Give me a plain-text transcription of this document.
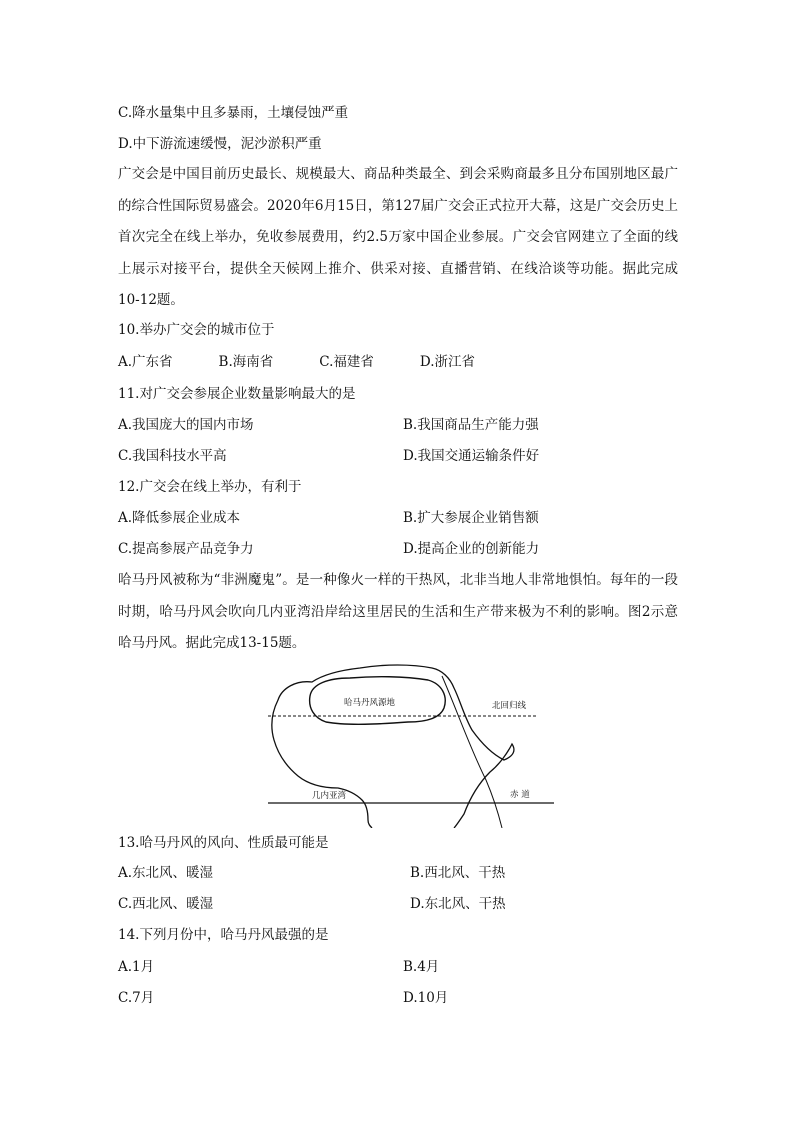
C.降水量集中且多暴雨，土壤侵蚀严重
D.中下游流速缓慢，泥沙淤积严重
广交会是中国目前历史最长、规模最大、商品种类最全、到会采购商最多且分布国别地区最广的综合性国际贸易盛会。2020年6月15日，第127届广交会正式拉开大幕，这是广交会历史上首次完全在线上举办，免收参展费用，约2.5万家中国企业参展。广交会官网建立了全面的线上展示对接平台，提供全天候网上推介、供采对接、直播营销、在线洽谈等功能。据此完成10-12题。
10.举办广交会的城市位于
A.广东省	B.海南省	C.福建省	D.浙江省
11.对广交会参展企业数量影响最大的是
A.我国庞大的国内市场	B.我国商品生产能力强
C.我国科技水平高	D.我国交通运输条件好
12.广交会在线上举办，有利于
A.降低参展企业成本	B.扩大参展企业销售额
C.提高参展产品竞争力	D.提高企业的创新能力
哈马丹风被称为“非洲魔鬼”。是一种像火一样的干热风，北非当地人非常地惧怕。每年的一段时期，哈马丹风会吹向几内亚湾沿岸给这里居民的生活和生产带来极为不利的影响。图2示意哈马丹风。据此完成13-15题。
哈马丹风源地	北回归线
几内亚湾	赤 道
13.哈马丹风的风向、性质最可能是
A.东北风、暖湿	B.西北风、干热
C.西北风、暖湿	D.东北风、干热
14.下列月份中，哈马丹风最强的是
A.1月	B.4月
C.7月	D.10月
